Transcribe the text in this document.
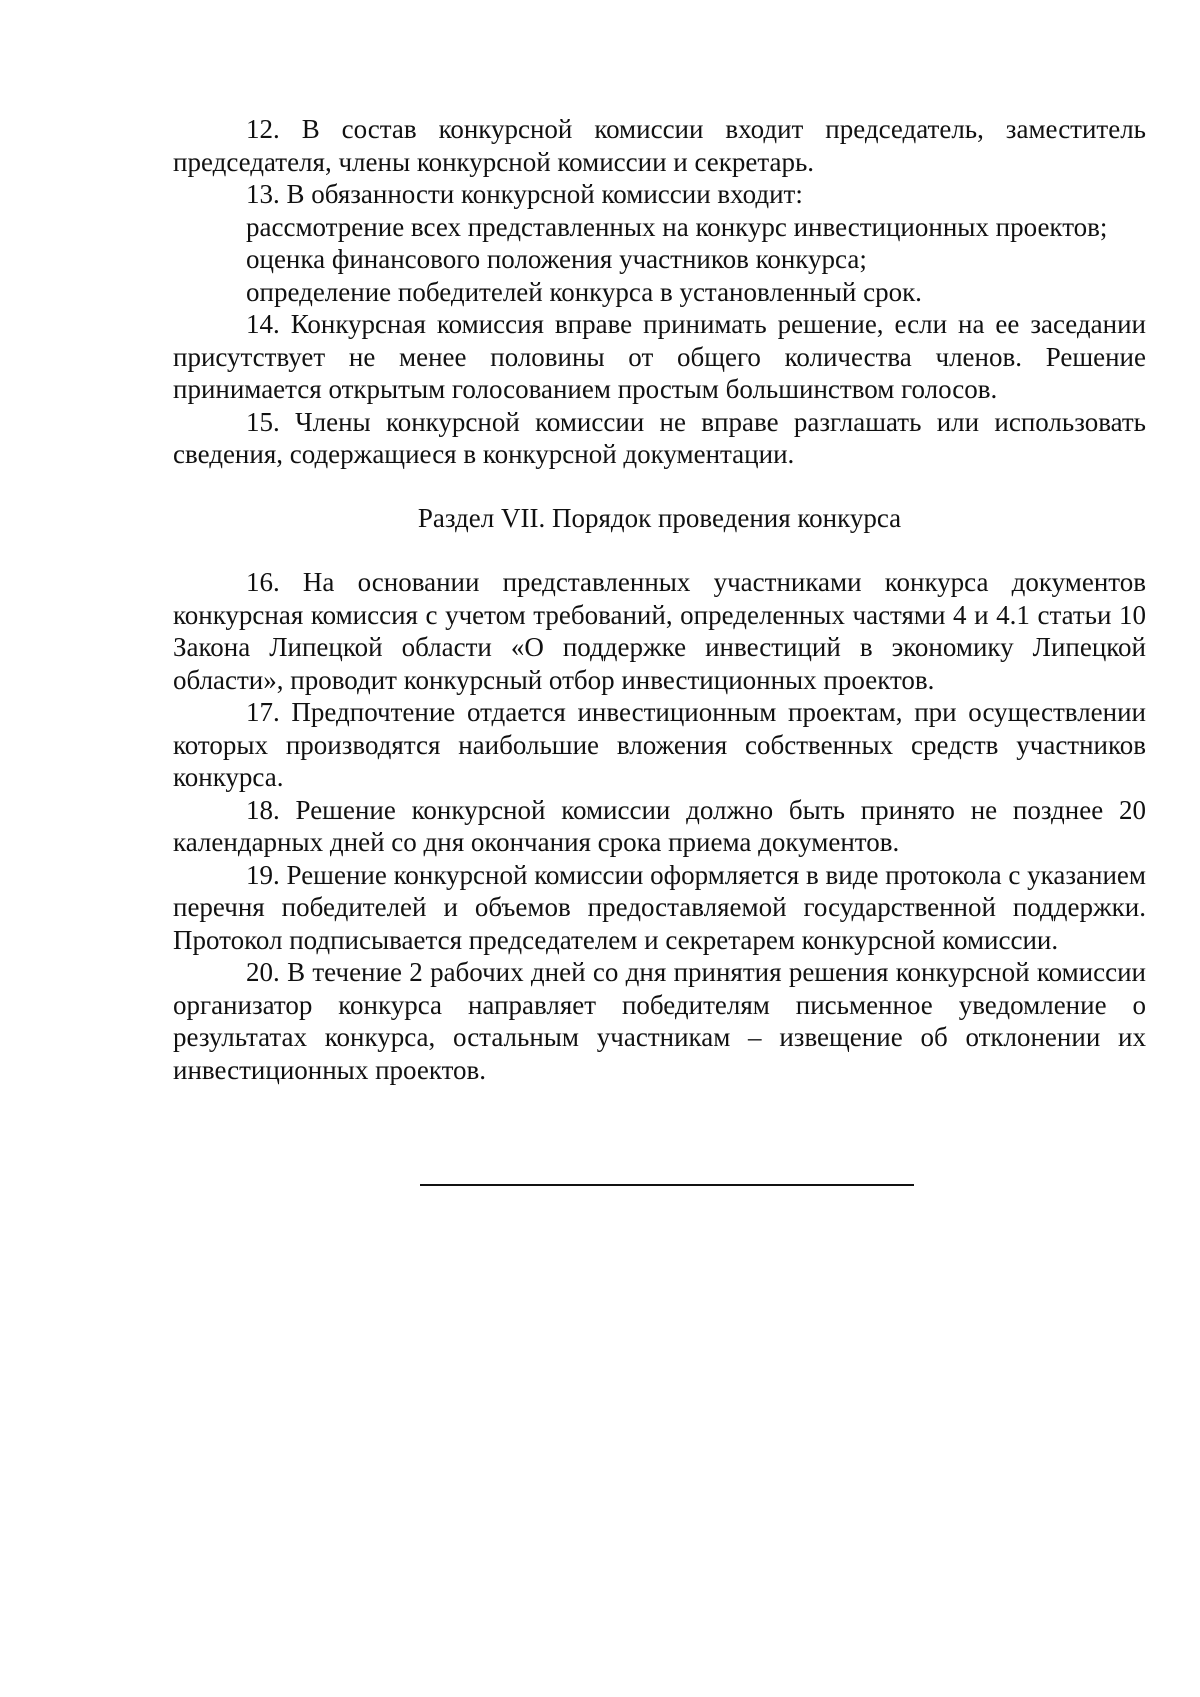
12. В состав конкурсной комиссии входит председатель, заместитель председателя, члены конкурсной комиссии и секретарь.

13. В обязанности конкурсной комиссии входит:

рассмотрение всех представленных на конкурс инвестиционных проектов;

оценка финансового положения участников конкурса;

определение победителей конкурса в установленный срок.

14. Конкурсная комиссия вправе принимать решение, если на ее заседании присутствует не менее половины от общего количества членов. Решение принимается открытым голосованием простым большинством голосов.

15. Члены конкурсной комиссии не вправе разглашать или использовать сведения, содержащиеся в конкурсной документации.

Раздел VII. Порядок проведения конкурса

16. На основании представленных участниками конкурса документов конкурсная комиссия с учетом требований, определенных частями 4 и 4.1 статьи 10 Закона Липецкой области «О поддержке инвестиций в экономику Липецкой области», проводит конкурсный отбор инвестиционных проектов.

17. Предпочтение отдается инвестиционным проектам, при осуществлении которых производятся наибольшие вложения собственных средств участников конкурса.

18. Решение конкурсной комиссии должно быть принято не позднее 20 календарных дней со дня окончания срока приема документов.

19. Решение конкурсной комиссии оформляется в виде протокола с указанием перечня победителей и объемов предоставляемой государственной поддержки. Протокол подписывается председателем и секретарем конкурсной комиссии.

20. В течение 2 рабочих дней со дня принятия решения конкурсной комиссии организатор конкурса направляет победителям письменное уведомление о результатах конкурса, остальным участникам – извещение об отклонении их инвестиционных проектов.
